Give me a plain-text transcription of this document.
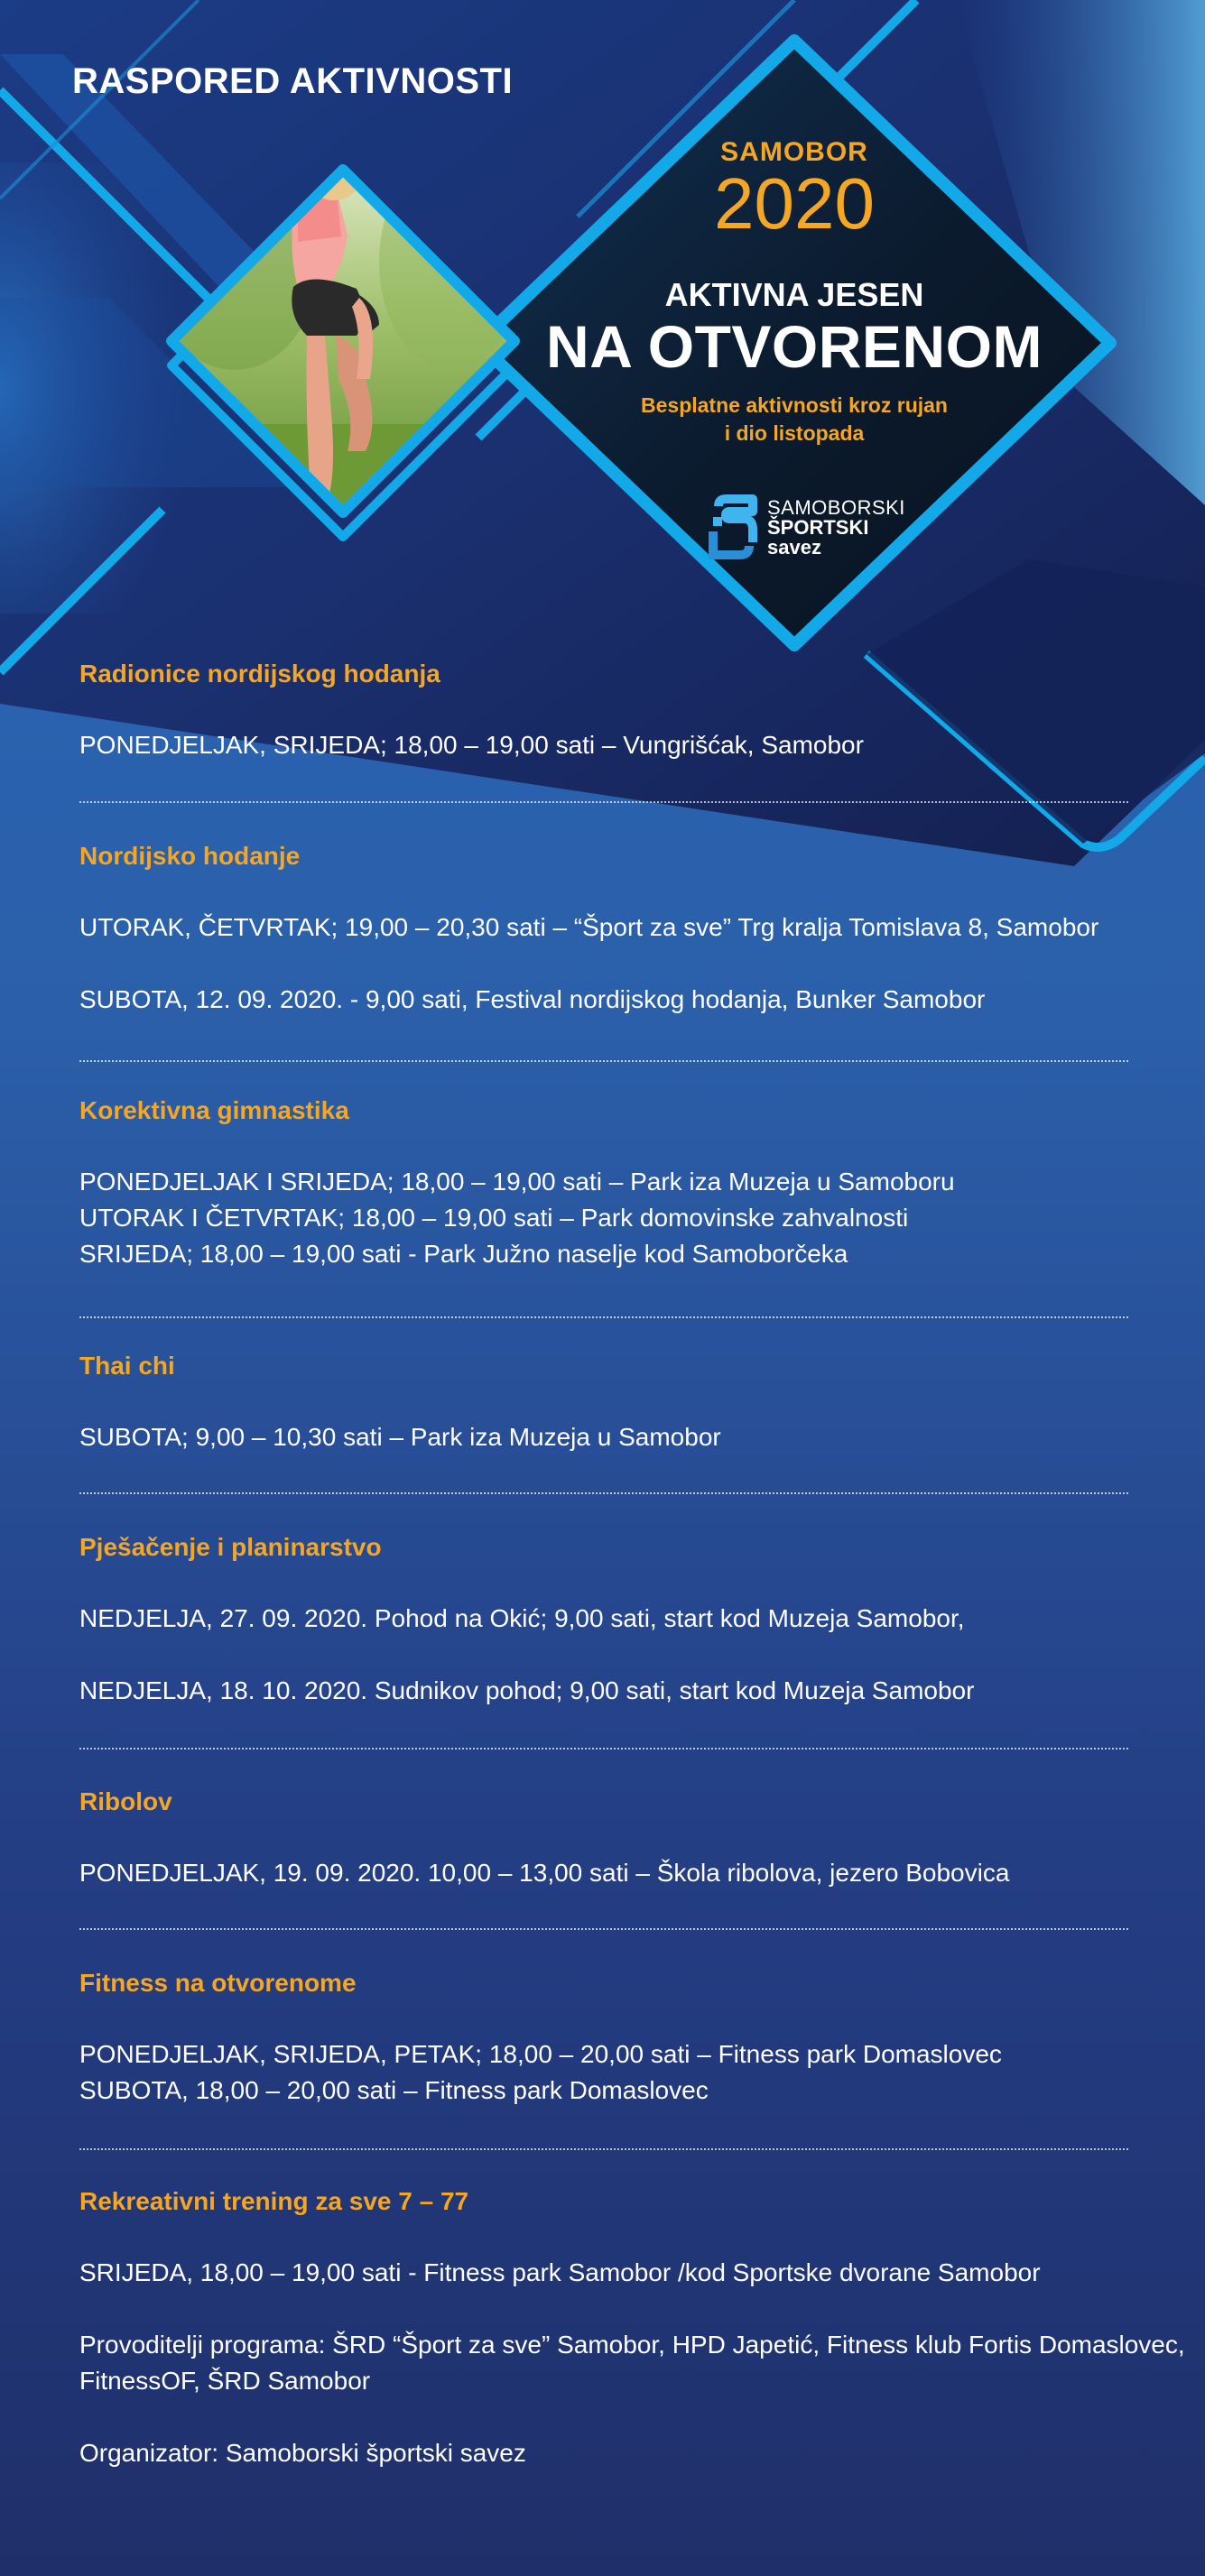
RASPORED AKTIVNOSTI
SAMOBOR
2020
AKTIVNA JESEN
NA OTVORENOM
Besplatne aktivnosti kroz rujan
i dio listopada
SAMOBORSKI
ŠPORTSKI
savez

Radionice nordijskog hodanja

PONEDJELJAK, SRIJEDA; 18,00 – 19,00 sati – Vungrišćak, Samobor

Nordijsko hodanje

UTORAK, ČETVRTAK; 19,00 – 20,30 sati – “Šport za sve” Trg kralja Tomislava 8, Samobor

SUBOTA, 12. 09. 2020. - 9,00 sati, Festival nordijskog hodanja, Bunker Samobor

Korektivna gimnastika

PONEDJELJAK I SRIJEDA; 18,00 – 19,00 sati – Park iza Muzeja u Samoboru

UTORAK I ČETVRTAK; 18,00 – 19,00 sati – Park domovinske zahvalnosti

SRIJEDA; 18,00 – 19,00 sati - Park Južno naselje kod Samoborčeka

Thai chi

SUBOTA; 9,00 – 10,30 sati – Park iza Muzeja u Samobor

Pješačenje i planinarstvo

NEDJELJA, 27. 09. 2020. Pohod na Okić; 9,00 sati, start kod Muzeja Samobor,

NEDJELJA, 18. 10. 2020. Sudnikov pohod; 9,00 sati, start kod Muzeja Samobor

Ribolov

PONEDJELJAK, 19. 09. 2020. 10,00 – 13,00 sati – Škola ribolova, jezero Bobovica

Fitness na otvorenome

PONEDJELJAK, SRIJEDA, PETAK; 18,00 – 20,00 sati – Fitness park Domaslovec

SUBOTA, 18,00 – 20,00 sati – Fitness park Domaslovec

Rekreativni trening za sve 7 – 77

SRIJEDA, 18,00 – 19,00 sati - Fitness park Samobor /kod Sportske dvorane Samobor

Provoditelji programa: ŠRD “Šport za sve” Samobor, HPD Japetić, Fitness klub Fortis Domaslovec,

FitnessOF, ŠRD Samobor

Organizator: Samoborski športski savez
